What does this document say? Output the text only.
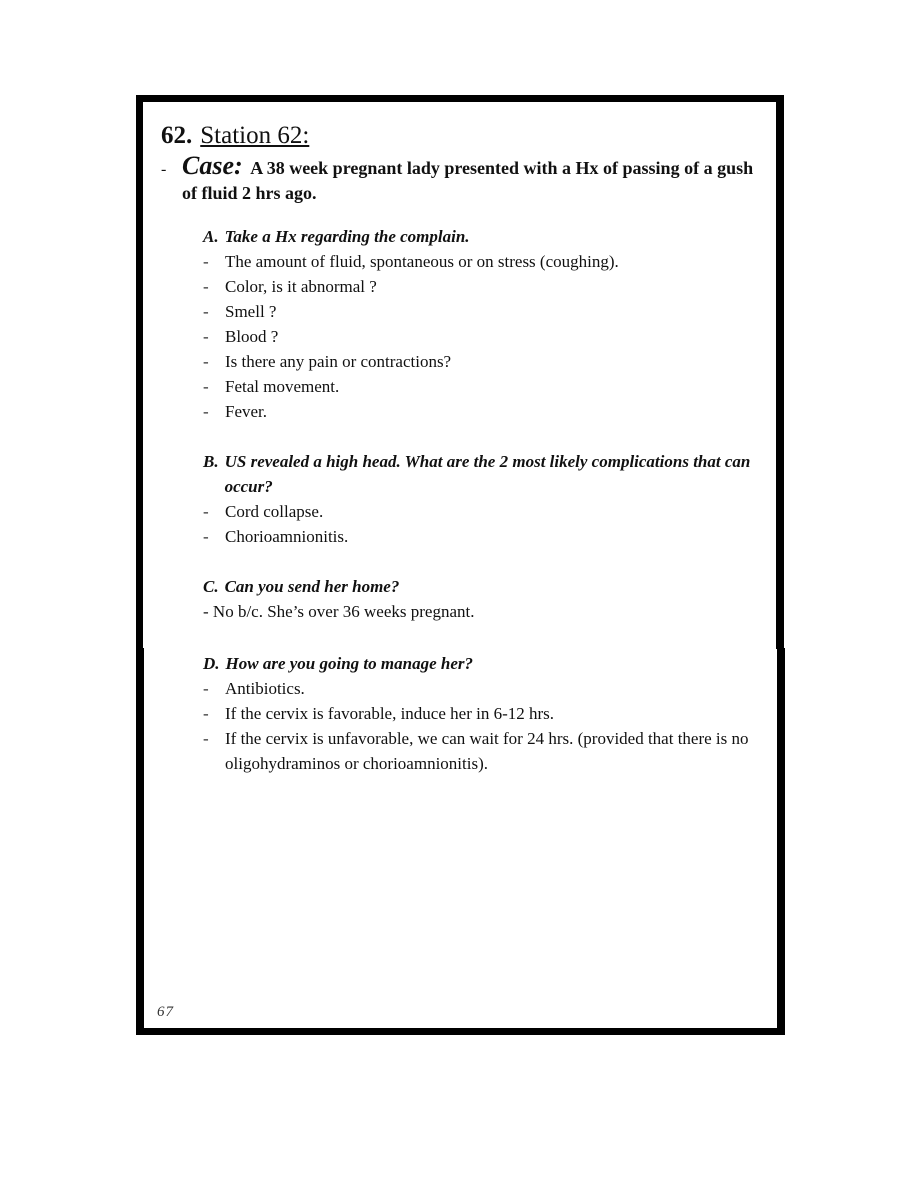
62. Station 62:
- Case: A 38 week pregnant lady presented with a Hx of passing of a gush of fluid 2 hrs ago.
A. Take a Hx regarding the complain.
- The amount of fluid, spontaneous or on stress (coughing).
- Color, is it abnormal ?
- Smell ?
- Blood ?
- Is there any pain or contractions?
- Fetal movement.
- Fever.
B. US revealed a high head. What are the 2 most likely complications that can occur?
- Cord collapse.
- Chorioamnionitis.
C. Can you send her home?
- No b/c. She’s over 36 weeks pregnant.
D. How are you going to manage her?
- Antibiotics.
- If the cervix is favorable, induce her in 6-12 hrs.
- If the cervix is unfavorable, we can wait for 24 hrs. (provided that there is no oligohydraminos or chorioamnionitis).
67
